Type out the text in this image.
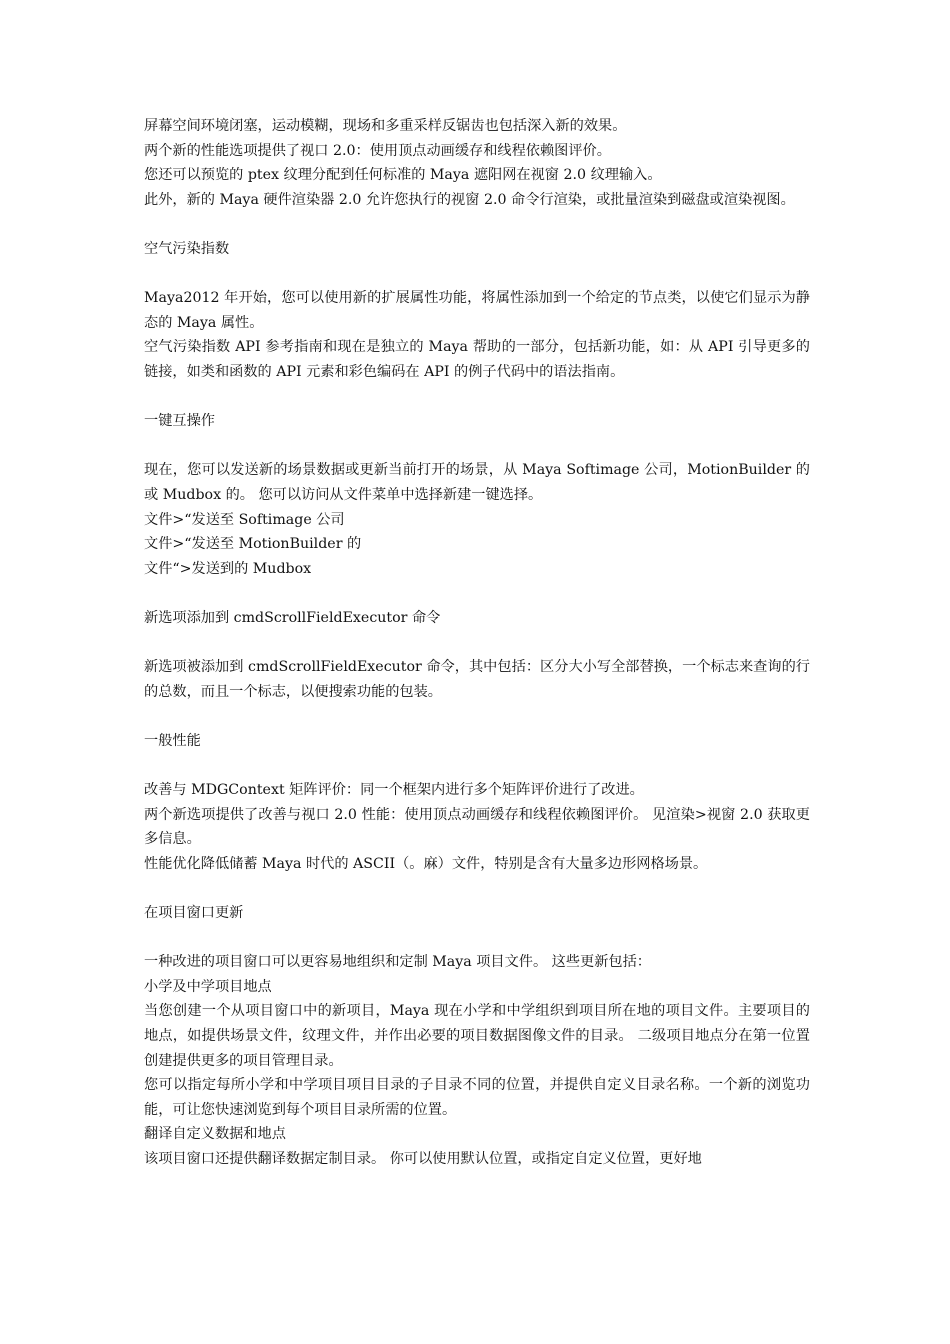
屏幕空间环境闭塞，运动模糊，现场和多重采样反锯齿也包括深入新的效果。

两个新的性能选项提供了视口 2.0：使用顶点动画缓存和线程依赖图评价。

您还可以预览的 ptex 纹理分配到任何标准的 Maya 遮阳网在视窗 2.0 纹理输入。

此外，新的 Maya 硬件渲染器 2.0 允许您执行的视窗 2.0 命令行渲染，或批量渲染到磁盘或渲染视图。

空气污染指数

Maya2012 年开始，您可以使用新的扩展属性功能，将属性添加到一个给定的节点类，以使它们显示为静态的 Maya 属性。

空气污染指数 API 参考指南和现在是独立的 Maya 帮助的一部分，包括新功能，如：从 API 引导更多的链接，如类和函数的 API 元素和彩色编码在 API 的例子代码中的语法指南。

一键互操作

现在，您可以发送新的场景数据或更新当前打开的场景，从 Maya Softimage 公司，MotionBuilder 的或 Mudbox 的。 您可以访问从文件菜单中选择新建一键选择。

文件>“发送至 Softimage 公司

文件>“发送至 MotionBuilder 的

文件“>发送到的 Mudbox

新选项添加到 cmdScrollFieldExecutor 命令

新选项被添加到 cmdScrollFieldExecutor 命令，其中包括：区分大小写全部替换，一个标志来查询的行的总数，而且一个标志，以便搜索功能的包装。

一般性能

改善与 MDGContext 矩阵评价：同一个框架内进行多个矩阵评价进行了改进。

两个新选项提供了改善与视口 2.0 性能：使用顶点动画缓存和线程依赖图评价。 见渲染>视窗 2.0 获取更多信息。

性能优化降低储蓄 Maya 时代的 ASCII（。麻）文件，特别是含有大量多边形网格场景。

在项目窗口更新

一种改进的项目窗口可以更容易地组织和定制 Maya 项目文件。 这些更新包括：

小学及中学项目地点

当您创建一个从项目窗口中的新项目，Maya 现在小学和中学组织到项目所在地的项目文件。主要项目的地点，如提供场景文件，纹理文件，并作出必要的项目数据图像文件的目录。 二级项目地点分在第一位置创建提供更多的项目管理目录。

您可以指定每所小学和中学项目项目目录的子目录不同的位置，并提供自定义目录名称。一个新的浏览功能，可让您快速浏览到每个项目目录所需的位置。

翻译自定义数据和地点

该项目窗口还提供翻译数据定制目录。 你可以使用默认位置，或指定自定义位置，更好地
